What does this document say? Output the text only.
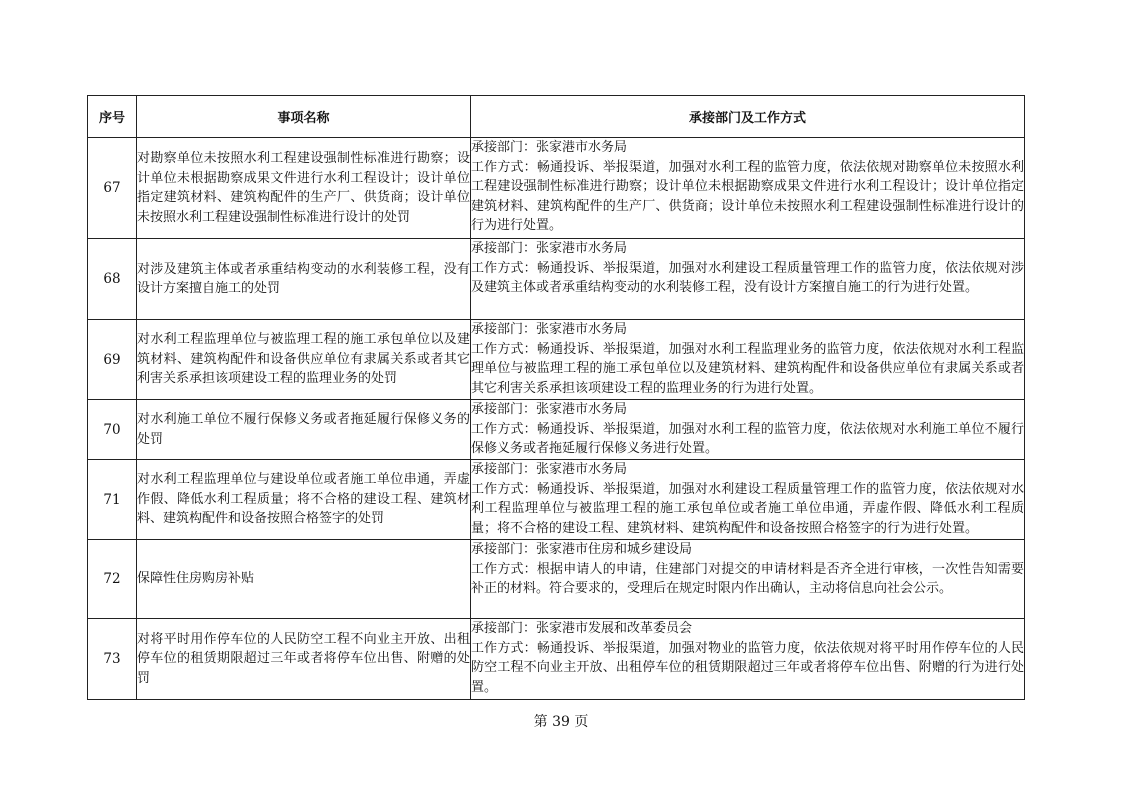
序号	事项名称	承接部门及工作方式
67	对勘察单位未按照水利工程建设强制性标准进行勘察；设计单位未根据勘察成果文件进行水利工程设计；设计单位指定建筑材料、建筑构配件的生产厂、供货商；设计单位未按照水利工程建设强制性标准进行设计的处罚	承接部门：张家港市水务局
工作方式：畅通投诉、举报渠道，加强对水利工程的监管力度，依法依规对勘察单位未按照水利工程建设强制性标准进行勘察；设计单位未根据勘察成果文件进行水利工程设计；设计单位指定建筑材料、建筑构配件的生产厂、供货商；设计单位未按照水利工程建设强制性标准进行设计的行为进行处置。

68	对涉及建筑主体或者承重结构变动的水利装修工程，没有设计方案擅自施工的处罚	承接部门：张家港市水务局
工作方式：畅通投诉、举报渠道，加强对水利建设工程质量管理工作的监管力度，依法依规对涉及建筑主体或者承重结构变动的水利装修工程，没有设计方案擅自施工的行为进行处置。

69	对水利工程监理单位与被监理工程的施工承包单位以及建筑材料、建筑构配件和设备供应单位有隶属关系或者其它利害关系承担该项建设工程的监理业务的处罚	承接部门：张家港市水务局
工作方式：畅通投诉、举报渠道，加强对水利工程监理业务的监管力度，依法依规对水利工程监理单位与被监理工程的施工承包单位以及建筑材料、建筑构配件和设备供应单位有隶属关系或者其它利害关系承担该项建设工程的监理业务的行为进行处置。

70	对水利施工单位不履行保修义务或者拖延履行保修义务的处罚	承接部门：张家港市水务局
工作方式：畅通投诉、举报渠道，加强对水利工程的监管力度，依法依规对水利施工单位不履行保修义务或者拖延履行保修义务进行处置。

71	对水利工程监理单位与建设单位或者施工单位串通，弄虚作假、降低水利工程质量；将不合格的建设工程、建筑材料、建筑构配件和设备按照合格签字的处罚	承接部门：张家港市水务局
工作方式：畅通投诉、举报渠道，加强对水利建设工程质量管理工作的监管力度，依法依规对水利工程监理单位与被监理工程的施工承包单位或者施工单位串通，弄虚作假、降低水利工程质量；将不合格的建设工程、建筑材料、建筑构配件和设备按照合格签字的行为进行处置。

72	保障性住房购房补贴	承接部门：张家港市住房和城乡建设局
工作方式：根据申请人的申请，住建部门对提交的申请材料是否齐全进行审核，一次性告知需要补正的材料。符合要求的，受理后在规定时限内作出确认，主动将信息向社会公示。

73	对将平时用作停车位的人民防空工程不向业主开放、出租停车位的租赁期限超过三年或者将停车位出售、附赠的处罚	承接部门：张家港市发展和改革委员会
工作方式：畅通投诉、举报渠道，加强对物业的监管力度，依法依规对将平时用作停车位的人民防空工程不向业主开放、出租停车位的租赁期限超过三年或者将停车位出售、附赠的行为进行处置。
第 39 页
